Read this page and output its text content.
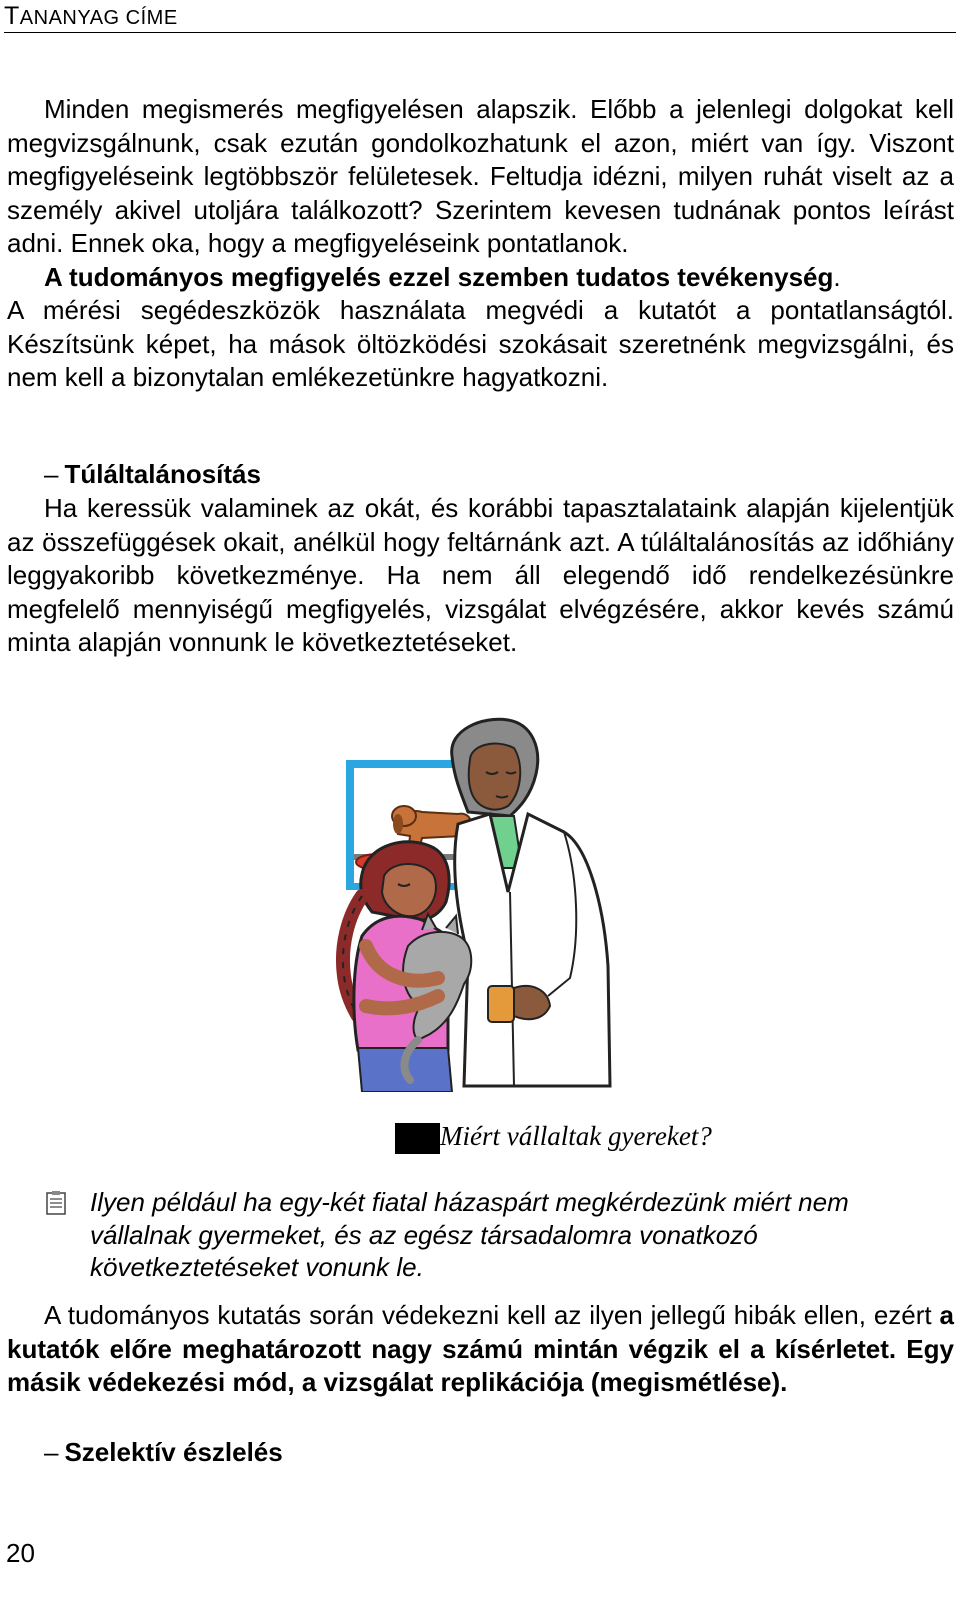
TANANYAG CÍME

Minden megismerés megfigyelésen alapszik. Előbb a jelenlegi dolgokat kell megvizsgálnunk, csak ezután gondolkozhatunk el azon, miért van így. Viszont megfigyeléseink legtöbbször felületesek. Feltudja idézni, milyen ruhát viselt az a személy akivel utoljára találkozott? Szerintem kevesen tudnának pontos leírást adni. Ennek oka, hogy a megfigyeléseink pontatlanok.

A tudományos megfigyelés ezzel szemben tudatos tevékenység.

A mérési segédeszközök használata megvédi a kutatót a pontatlanságtól. Készítsünk képet, ha mások öltözködési szokásait szeretnénk megvizsgálni, és nem kell a bizonytalan emlékezetünkre hagyatkozni.

– Túláltalánosítás

Ha keressük valaminek az okát, és korábbi tapasztalataink alapján kijelentjük az összefüggések okait, anélkül hogy feltárnánk azt. A túláltalánosítás az időhiány leggyakoribb következménye. Ha nem áll elegendő idő rendelkezésünkre megfelelő mennyiségű megfigyelés, vizsgálat elvégzésére, akkor kevés számú minta alapján vonnunk le következtetéseket.

Miért vállaltak gyereket?

Ilyen például ha egy-két fiatal házaspárt megkérdezünk miért nem vállalnak gyermeket, és az egész társadalomra vonatkozó következtetéseket vonunk le.

A tudományos kutatás során védekezni kell az ilyen jellegű hibák ellen, ezért a kutatók előre meghatározott nagy számú mintán végzik el a kísérletet. Egy másik védekezési mód, a vizsgálat replikációja (megismétlése).

– Szelektív észlelés
20
